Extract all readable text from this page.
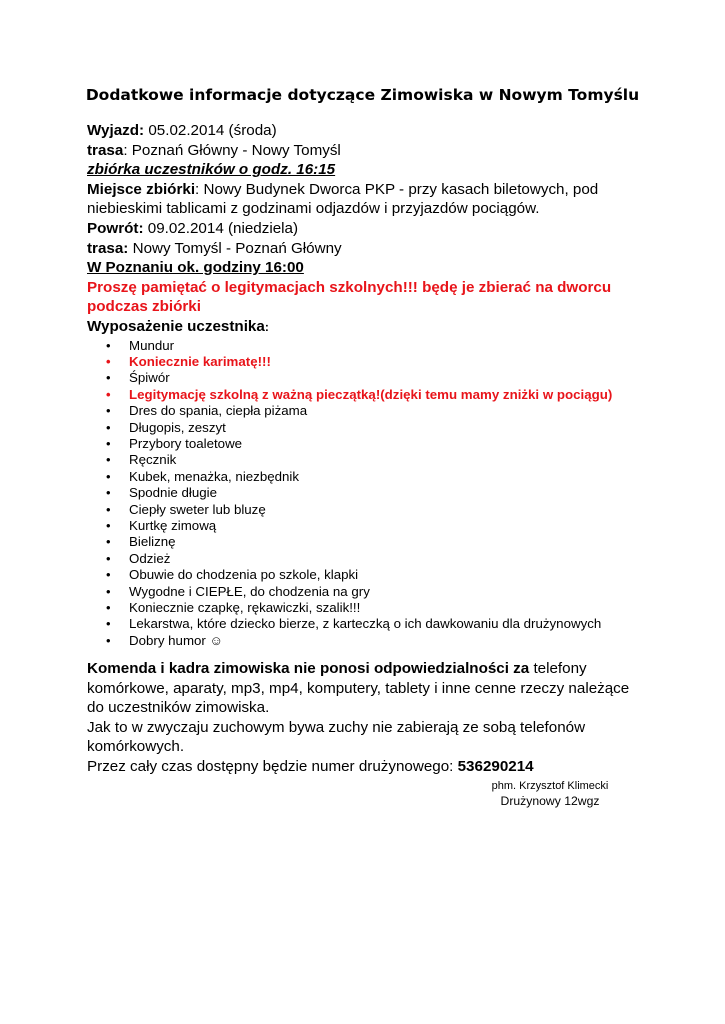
Dodatkowe informacje dotyczące Zimowiska w Nowym Tomyślu

Wyjazd: 05.02.2014 (środa)

trasa: Poznań Główny - Nowy Tomyśl

zbiórka uczestników o godz. 16:15

Miejsce zbiórki: Nowy Budynek Dworca PKP - przy kasach biletowych, pod niebieskimi tablicami z godzinami odjazdów i przyjazdów pociągów.

Powrót: 09.02.2014 (niedziela)

trasa: Nowy Tomyśl - Poznań Główny

W Poznaniu ok. godziny 16:00

Proszę pamiętać o legitymacjach szkolnych!!! będę je zbierać na dworcu podczas zbiórki

Wyposażenie uczestnika:

• Mundur
• Koniecznie karimatę!!!
• Śpiwór
• Legitymację szkolną z ważną pieczątką!(dzięki temu mamy zniżki w pociągu)
• Dres do spania, ciepła piżama
• Długopis, zeszyt
• Przybory toaletowe
• Ręcznik
• Kubek, menażka, niezbędnik
• Spodnie długie
• Ciepły sweter lub bluzę
• Kurtkę zimową
• Bieliznę
• Odzież
• Obuwie do chodzenia po szkole, klapki
• Wygodne i CIEPŁE, do chodzenia na gry
• Koniecznie czapkę, rękawiczki, szalik!!!
• Lekarstwa, które dziecko bierze, z karteczką o ich dawkowaniu dla drużynowych
• Dobry humor ☺

Komenda i kadra zimowiska nie ponosi odpowiedzialności za telefony komórkowe, aparaty, mp3, mp4, komputery, tablety i inne cenne rzeczy należące do uczestników zimowiska.

Jak to w zwyczaju zuchowym bywa zuchy nie zabierają ze sobą telefonów komórkowych.

Przez cały czas dostępny będzie numer drużynowego: 536290214

phm. Krzysztof Klimecki
Drużynowy 12wgz
